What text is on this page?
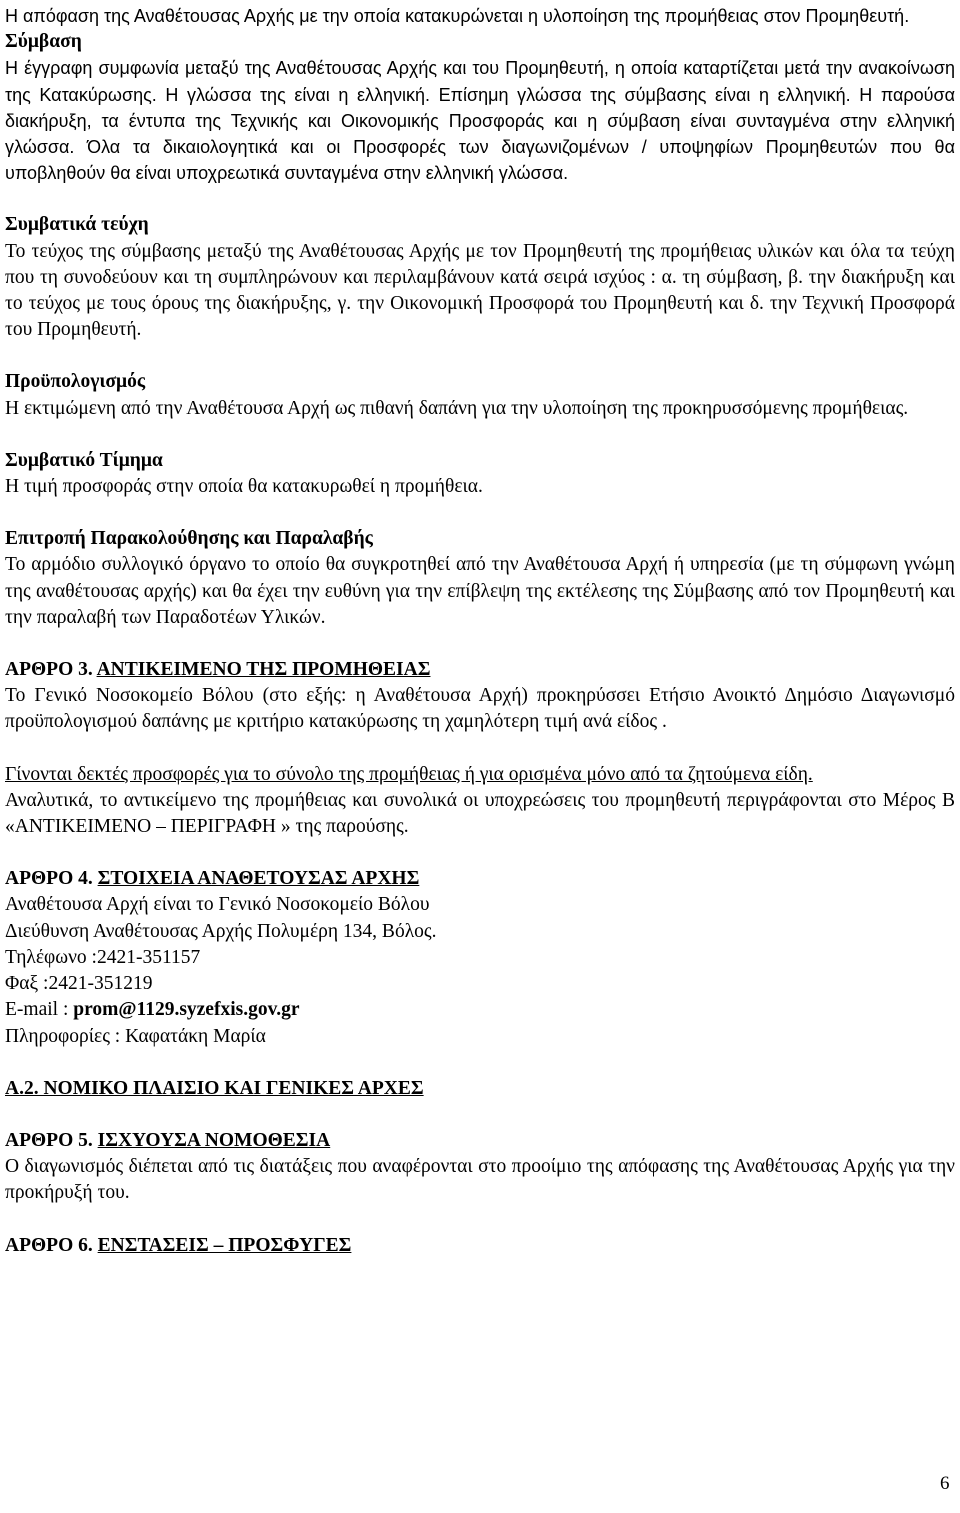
Η απόφαση της Αναθέτουσας Αρχής με την οποία κατακυρώνεται η υλοποίηση της προμήθειας στον Προμηθευτή.

Σύμβαση

Η έγγραφη συμφωνία μεταξύ της Αναθέτουσας Αρχής και του Προμηθευτή, η οποία καταρτίζεται μετά την ανακοίνωση της Κατακύρωσης. Η γλώσσα της είναι η ελληνική. Επίσημη γλώσσα της σύμβασης είναι η ελληνική. Η παρούσα διακήρυξη, τα έντυπα της Τεχνικής και Οικονομικής Προσφοράς και η σύμβαση είναι συνταγμένα στην ελληνική γλώσσα. Όλα τα δικαιολογητικά και οι Προσφορές των διαγωνιζομένων / υποψηφίων Προμηθευτών που θα υποβληθούν θα είναι υποχρεωτικά συνταγμένα στην ελληνική γλώσσα.

Συμβατικά τεύχη

Το τεύχος της σύμβασης μεταξύ της Αναθέτουσας Αρχής με τον Προμηθευτή της προμήθειας υλικών και όλα τα τεύχη που τη συνοδεύουν και τη συμπληρώνουν και περιλαμβάνουν κατά σειρά ισχύος : α. τη σύμβαση, β. την διακήρυξη και το τεύχος με τους όρους της διακήρυξης, γ. την Οικονομική Προσφορά του Προμηθευτή και δ. την Τεχνική Προσφορά του Προμηθευτή.

Προϋπολογισμός

Η εκτιμώμενη από την Αναθέτουσα Αρχή ως πιθανή δαπάνη για την υλοποίηση της προκηρυσσόμενης προμήθειας.

Συμβατικό Τίμημα

Η τιμή προσφοράς στην οποία θα κατακυρωθεί η προμήθεια.

Επιτροπή Παρακολούθησης και Παραλαβής

Το αρμόδιο συλλογικό όργανο το οποίο θα συγκροτηθεί από την Αναθέτουσα Αρχή ή υπηρεσία (με τη σύμφωνη γνώμη της αναθέτουσας αρχής) και θα έχει την ευθύνη για την επίβλεψη της εκτέλεσης της Σύμβασης από τον Προμηθευτή και την παραλαβή των Παραδοτέων Υλικών.

ΑΡΘΡΟ 3. ΑΝΤΙΚΕΙΜΕΝΟ ΤΗΣ ΠΡΟΜΗΘΕΙΑΣ

Το Γενικό Νοσοκομείο Βόλου (στο εξής: η Αναθέτουσα Αρχή) προκηρύσσει Ετήσιο Ανοικτό Δημόσιο Διαγωνισμό προϋπολογισμού δαπάνης με κριτήριο κατακύρωσης τη χαμηλότερη τιμή ανά είδος .

Γίνονται δεκτές προσφορές για το σύνολο της προμήθειας ή για ορισμένα μόνο από τα ζητούμενα είδη.

Αναλυτικά, το αντικείμενο της προμήθειας και συνολικά οι υποχρεώσεις του προμηθευτή περιγράφονται στο Μέρος Β «ΑΝΤΙΚΕΙΜΕΝΟ – ΠΕΡΙΓΡΑΦΗ » της παρούσης.

ΑΡΘΡΟ 4. ΣΤΟΙΧΕΙΑ ΑΝΑΘΕΤΟΥΣΑΣ ΑΡΧΗΣ

Αναθέτουσα Αρχή είναι το Γενικό Νοσοκομείο Βόλου

Διεύθυνση Αναθέτουσας Αρχής Πολυμέρη 134, Βόλος.

Τηλέφωνο :2421-351157

Φαξ :2421-351219

E-mail : prom@1129.syzefxis.gov.gr

Πληροφορίες : Καφατάκη Μαρία

Α.2. ΝΟΜΙΚΟ ΠΛΑΙΣΙΟ ΚΑΙ ΓΕΝΙΚΕΣ ΑΡΧΕΣ

ΑΡΘΡΟ 5. ΙΣΧΥΟΥΣΑ ΝΟΜΟΘΕΣΙΑ

Ο διαγωνισμός διέπεται από τις διατάξεις που αναφέρονται στο προοίμιο της απόφασης της Αναθέτουσας Αρχής για την προκήρυξή του.

ΑΡΘΡΟ 6. ΕΝΣΤΑΣΕΙΣ – ΠΡΟΣΦΥΓΕΣ

6
